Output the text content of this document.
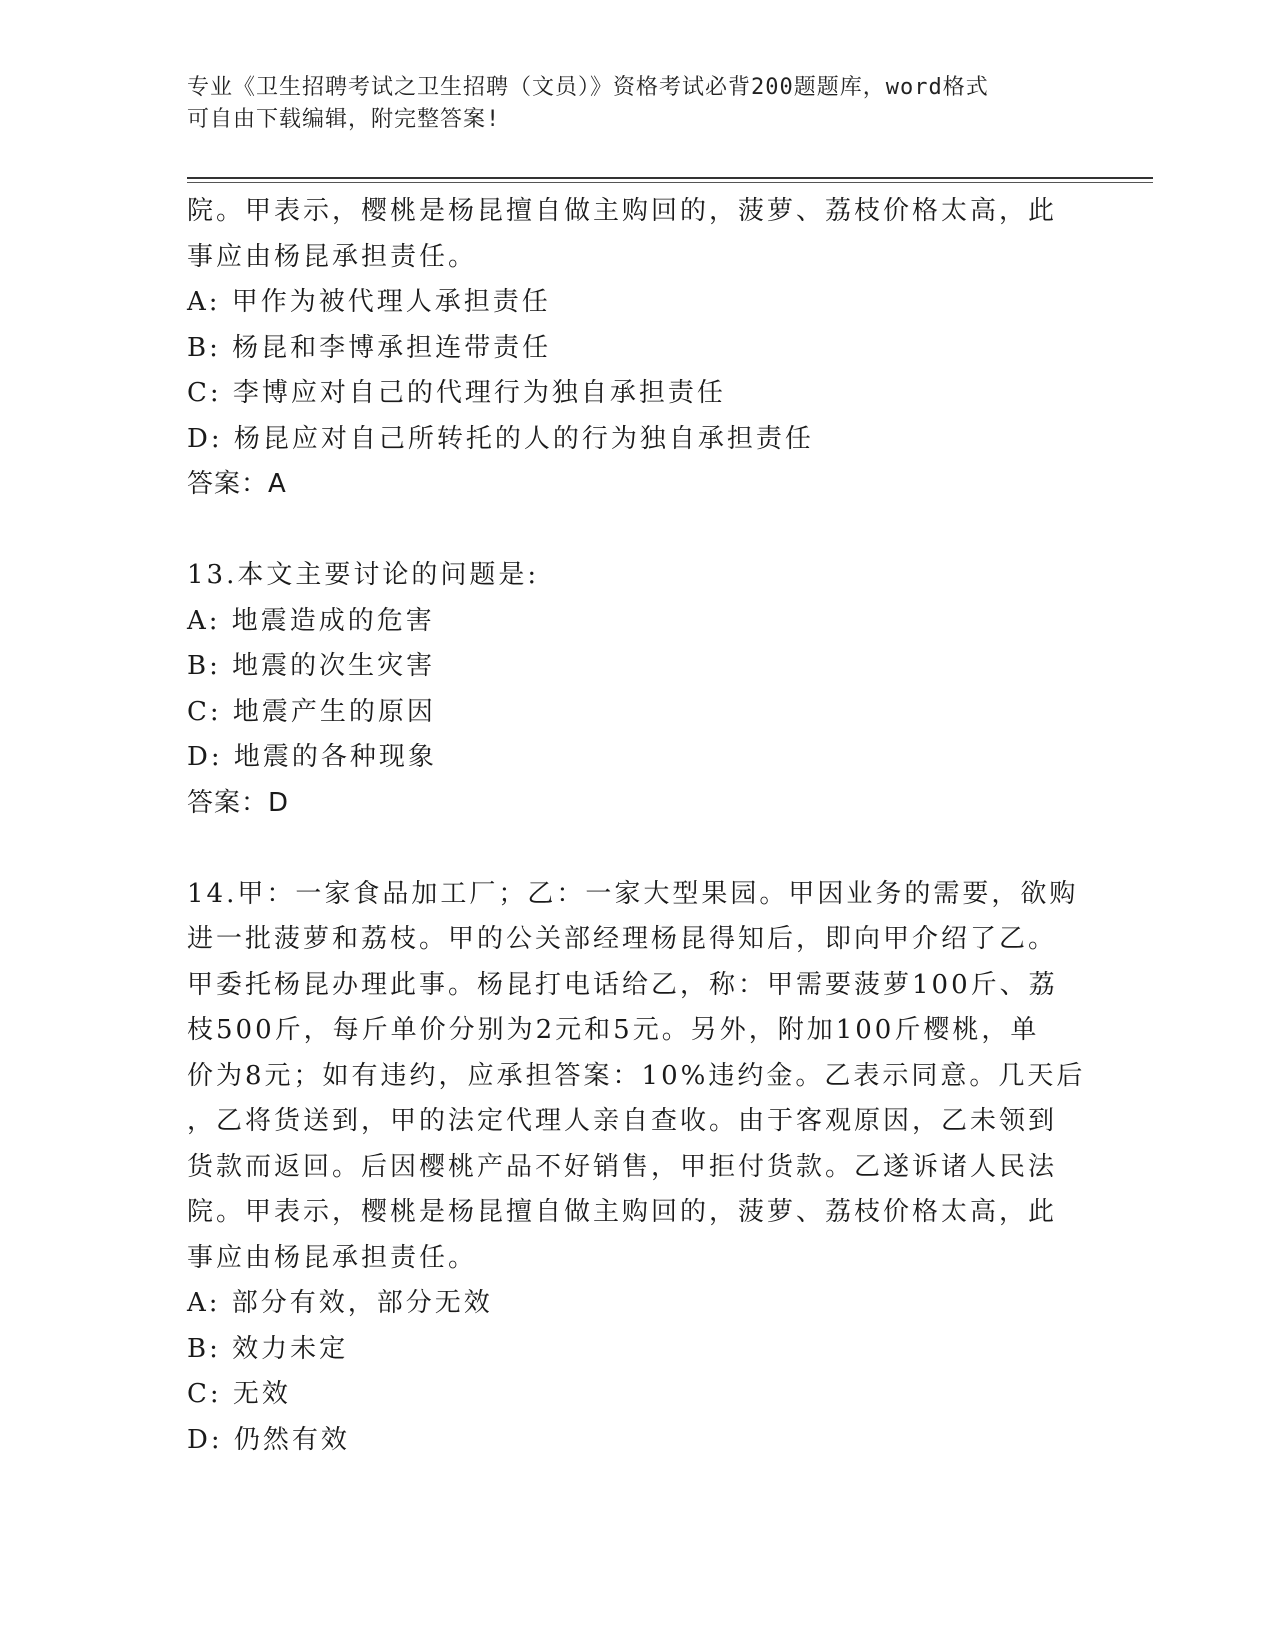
专业《卫生招聘考试之卫生招聘（文员）》资格考试必背200题题库，word格式
可自由下载编辑，附完整答案!
院。甲表示，樱桃是杨昆擅自做主购回的，菠萝、荔枝价格太高，此
事应由杨昆承担责任。
A: 甲作为被代理人承担责任
B: 杨昆和李博承担连带责任
C: 李博应对自己的代理行为独自承担责任
D: 杨昆应对自己所转托的人的行为独自承担责任
答案：A
13.本文主要讨论的问题是:
A: 地震造成的危害
B: 地震的次生灾害
C: 地震产生的原因
D: 地震的各种现象
答案：D
14.甲：一家食品加工厂；乙：一家大型果园。甲因业务的需要，欲购
进一批菠萝和荔枝。甲的公关部经理杨昆得知后，即向甲介绍了乙。
甲委托杨昆办理此事。杨昆打电话给乙，称：甲需要菠萝100斤、荔
枝500斤，每斤单价分别为2元和5元。另外，附加100斤樱桃，单
价为8元；如有违约，应承担答案：10%违约金。乙表示同意。几天后
，乙将货送到，甲的法定代理人亲自查收。由于客观原因，乙未领到
货款而返回。后因樱桃产品不好销售，甲拒付货款。乙遂诉诸人民法
院。甲表示，樱桃是杨昆擅自做主购回的，菠萝、荔枝价格太高，此
事应由杨昆承担责任。
A: 部分有效，部分无效
B: 效力未定
C: 无效
D: 仍然有效
